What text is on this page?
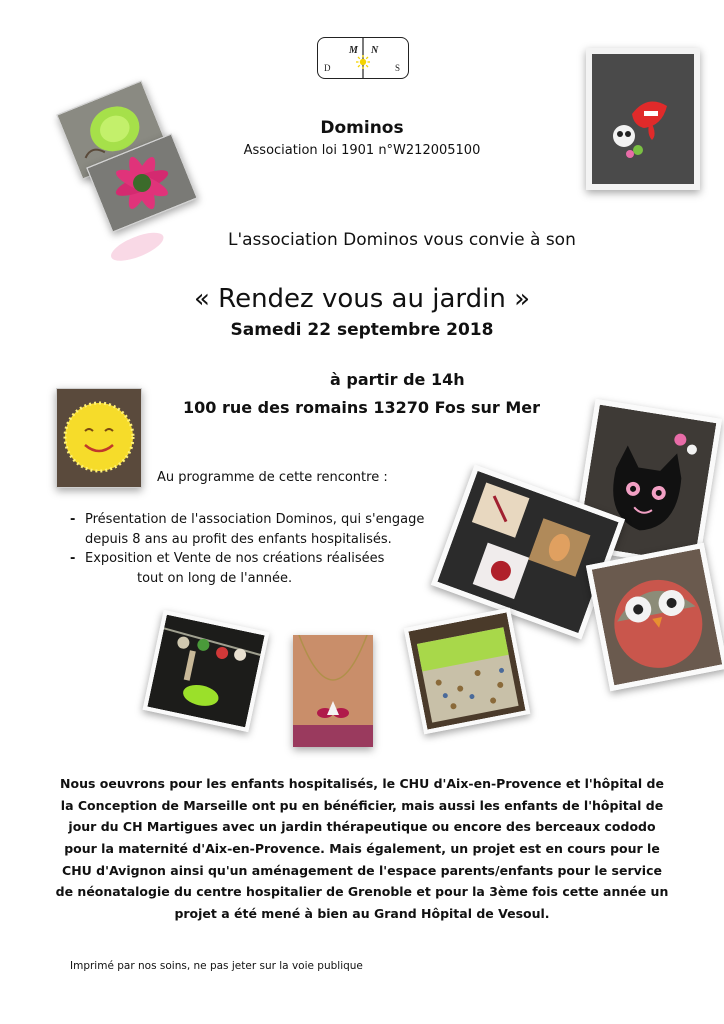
M N
D	S
Dominos
Association loi 1901 n°W212005100
L'association Dominos vous convie à son
« Rendez vous au jardin »
Samedi 22 septembre 2018
à partir de 14h
100 rue des romains 13270 Fos sur Mer
Au programme de cette rencontre :
- Présentation de l'association Dominos, qui s'engage depuis 8 ans au profit des enfants hospitalisés.
- Exposition et Vente de nos créations réaliséestout on long de l'année.
Nous oeuvrons pour les enfants hospitalisés, le CHU d'Aix-en-Provence et l'hôpital de la Conception de Marseille ont pu en bénéficier, mais aussi les enfants de l'hôpital de jour du CH Martigues avec un jardin thérapeutique ou encore des berceaux cododo pour la maternité d'Aix-en-Provence. Mais également, un projet est en cours pour le CHU d'Avignon ainsi qu'un aménagement de l'espace parents/enfants pour le service de néonatalogie du centre hospitalier de Grenoble et pour la 3ème fois cette année un projet a été mené à bien au Grand Hôpital de Vesoul.
Imprimé par nos soins, ne pas jeter sur la voie publique
